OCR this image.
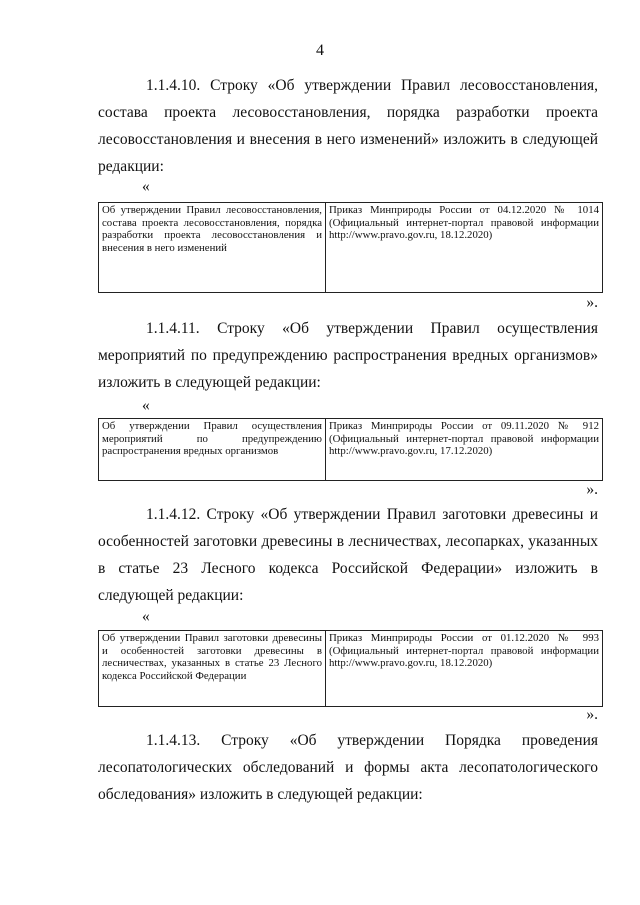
4

1.1.4.10. Строку «Об утверждении Правил лесовосстановления, состава проекта лесовосстановления, порядка разработки проекта лесовосстановления и внесения в него изменений» изложить в следующей редакции:

«
Об утверждении Правил лесовосстановления, состава проекта лесовосстановления, порядка разработки проекта лесовосстановления и внесения в него изменений	Приказ Минприроды России от 04.12.2020 № 1014 (Официальный интернет-портал правовой информации http://www.pravo.gov.ru, 18.12.2020)
».

1.1.4.11. Строку «Об утверждении Правил осуществления мероприятий по предупреждению распространения вредных организмов» изложить в следующей редакции:

«
Об утверждении Правил осуществления мероприятий по предупреждению распространения вредных организмов	Приказ Минприроды России от 09.11.2020 № 912 (Официальный интернет-портал правовой информации http://www.pravo.gov.ru, 17.12.2020)
».

1.1.4.12. Строку «Об утверждении Правил заготовки древесины и особенностей заготовки древесины в лесничествах, лесопарках, указанных в статье 23 Лесного кодекса Российской Федерации» изложить в следующей редакции:

«
Об утверждении Правил заготовки древесины и особенностей заготовки древесины в лесничествах, указанных в статье 23 Лесного кодекса Российской Федерации	Приказ Минприроды России от 01.12.2020 № 993 (Официальный интернет-портал правовой информации http://www.pravo.gov.ru, 18.12.2020)
».

1.1.4.13. Строку «Об утверждении Порядка проведения лесопатологических обследований и формы акта лесопатологического обследования» изложить в следующей редакции:
